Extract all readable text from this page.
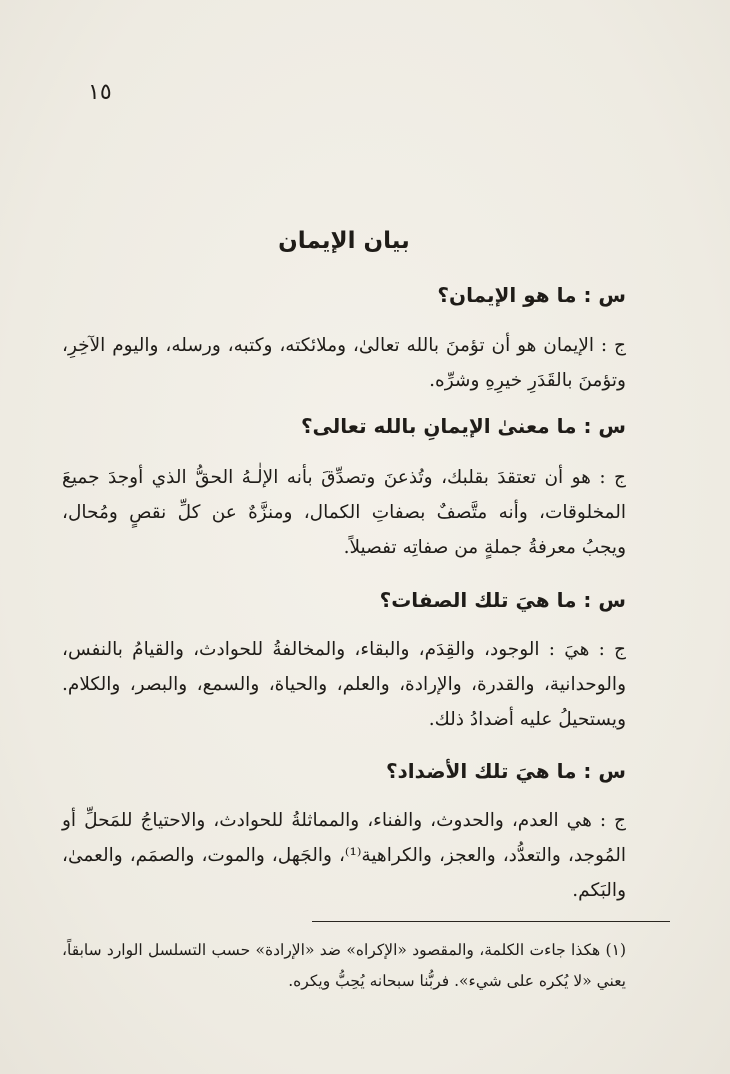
١٥
بيان الإيمان
س : ما هو الإيمان؟
ج : الإيمان هو أن تؤمنَ بالله تعالىٰ، وملائكته، وكتبه، ورسله، واليوم الآخِرِ، وتؤمنَ بالقَدَرِ خيرِهِ وشرِّه.
س : ما معنىٰ الإيمانِ بالله تعالى؟
ج : هو أن تعتقدَ بقلبك، وتُذعنَ وتصدِّقَ بأنه الإلٰـهُ الحقُّ الذي أوجدَ جميعَ المخلوقات، وأنه متَّصفٌ بصفاتِ الكمال، ومنزَّهٌ عن كلِّ نقصٍ ومُحال، ويجبُ معرفةُ جملةٍ من صفاتِه تفصيلاً.
س : ما هيَ تلك الصفات؟
ج : هيَ : الوجود، والقِدَم، والبقاء، والمخالفةُ للحوادث، والقيامُ بالنفس، والوحدانية، والقدرة، والإرادة، والعلم، والحياة، والسمع، والبصر، والكلام. ويستحيلُ عليه أضدادُ ذلك.
س : ما هيَ تلك الأضداد؟
ج : هي العدم، والحدوث، والفناء، والمماثلةُ للحوادث، والاحتياجُ للمَحلِّ أو المُوجد، والتعدُّد، والعجز، والكراهية⁽¹⁾، والجَهل، والموت، والصمَم، والعمىٰ، والبَكم.
(١) هكذا جاءت الكلمة، والمقصود «الإكراه» ضد «الإرادة» حسب التسلسل الوارد سابقاً، يعني «لا يُكره على شيء». فربُّنا سبحانه يُحِبُّ ويكره.
